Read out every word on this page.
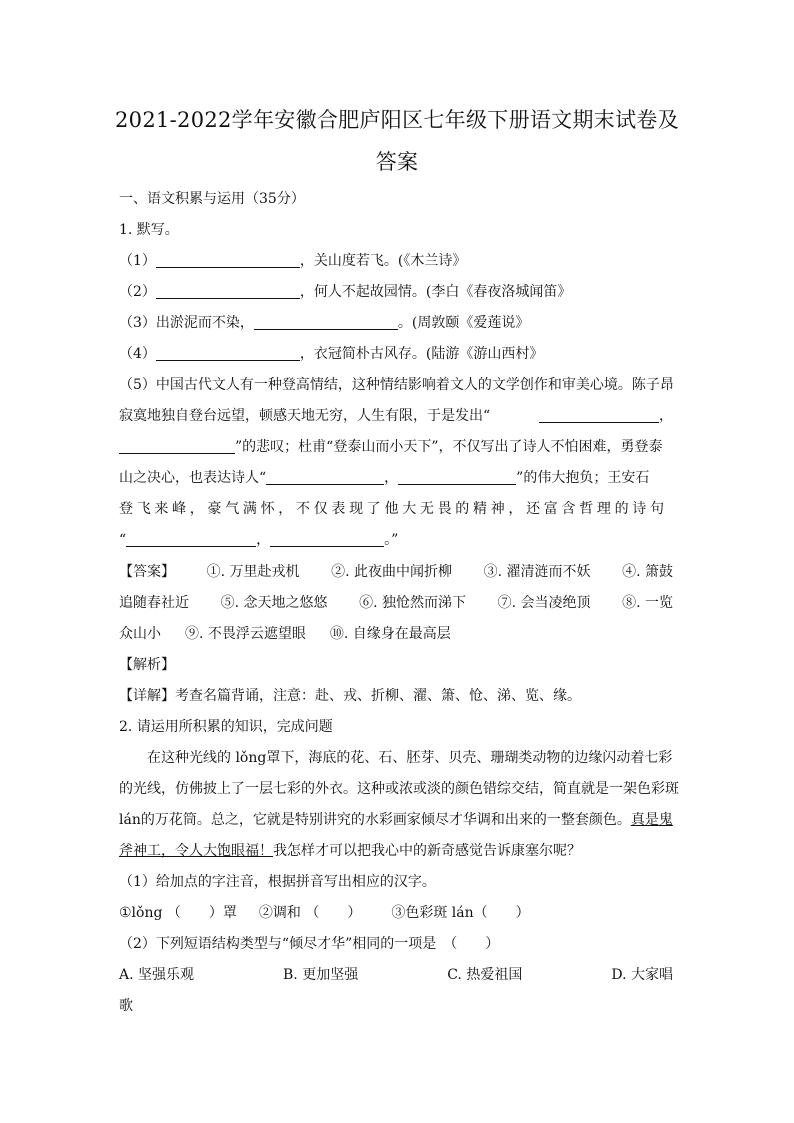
2021-2022学年安徽合肥庐阳区七年级下册语文期末试卷及
答案
一、语文积累与运用（35分）
1. 默写。
（1）	，关山度若飞。(《木兰诗》
（2）	，何人不起故园情。(李白《春夜洛城闻笛》
（3）出淤泥而不染，	。(周敦颐《爱莲说》
（4）	，衣冠简朴古风存。(陆游《游山西村》
（5）中国古代文人有一种登高情结，这种情结影响着文人的文学创作和审美心境。陈子昂
寂寞地独自登台远望，顿感天地无穷，人生有限，于是发出“	，
”的悲叹；杜甫“登泰山而小天下”，不仅写出了诗人不怕困难，勇登泰
山之决心，也表达诗人“	，	”的伟大抱负；王安石
登飞来峰，豪气满怀，不仅表现了他大无畏的精神，还富含哲理的诗句
“	，	。”
【答案】 ①. 万里赴戎机 ②. 此夜曲中闻折柳 ③. 濯清涟而不妖 ④. 箫鼓
追随春社近 ⑤. 念天地之悠悠 ⑥. 独怆然而涕下 ⑦. 会当凌绝顶 ⑧. 一览
众山小 ⑨. 不畏浮云遮望眼 ⑩. 自缘身在最高层
【解析】
【详解】考查名篇背诵，注意：赴、戎、折柳、濯、箫、怆、涕、览、缘。
2. 请运用所积累的知识，完成问题
在这种光线的 lǒng罩下，海底的花、石、胚芽、贝壳、珊瑚类动物的边缘闪动着七彩
的光线，仿佛披上了一层七彩的外衣。这种或浓或淡的颜色错综交结，简直就是一架色彩斑
lán的万花筒。总之，它就是特别讲究的水彩画家倾尽才华调和出来的一整套颜色。真是鬼
斧神工，令人大饱眼福！我怎样才可以把我心中的新奇感觉告诉康塞尔呢？
（1）给加点的字注音，根据拼音写出相应的汉字。
①lǒng （　　）罩 ②调和 （　　） ③色彩斑 lán（　　）
（2）下列短语结构类型与“倾尽才华”相同的一项是　（　　）
A. 坚强乐观	B. 更加坚强	C. 热爱祖国	D. 大家唱
歌
